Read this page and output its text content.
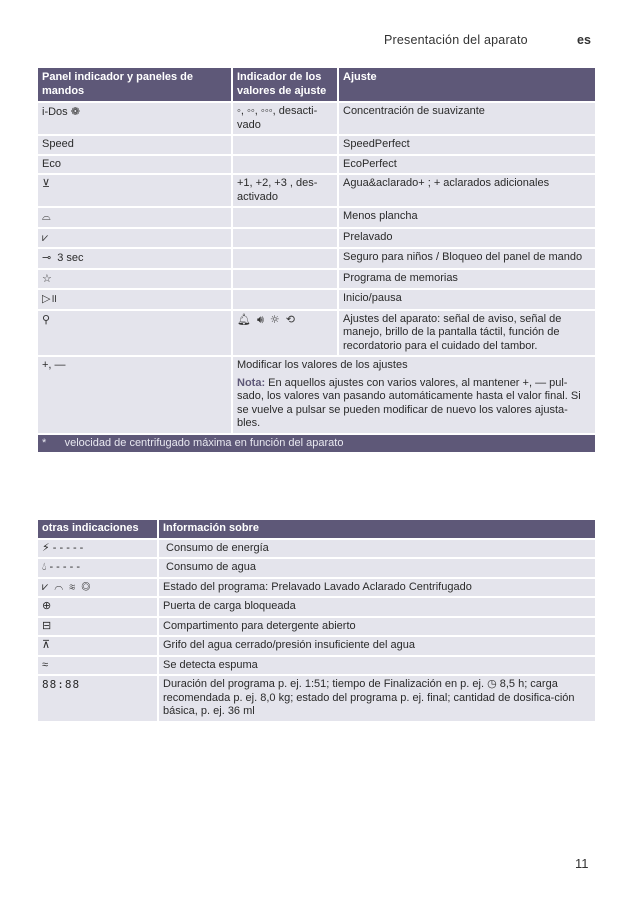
Presentación del aparato	es
Panel indicador y paneles de mandos	Indicador de los valores de ajuste	Ajuste
i-Dos ❁	◦, ◦◦, ◦◦◦, desacti-vado	Concentración de suavizante
Speed		SpeedPerfect
Eco		EcoPerfect
⊻	+1, +2, +3 , des-activado	Agua&aclarado+ ; + aclarados adicionales
⌓		Menos plancha
⩗		Prelavado
⊸ 3 sec		Seguro para niños / Bloqueo del panel de mando
☆		Programa de memorias
▷॥		Inicio/pausa
⚲	🔔︎ 🔊︎ ☼ ⟲	Ajustes del aparato: señal de aviso, señal de manejo, brillo de la pantalla táctil, función de recordatorio para el cuidado del tambor.
+, —	Modificar los valores de los ajustes

Nota: En aquellos ajustes con varios valores, al mantener +, — pul-sado, los valores van pasando automáticamente hasta el valor final. Si se vuelve a pulsar se pueden modificar de nuevo los valores ajusta-bles.	

*      velocidad de centrifugado máxima en función del aparato		
otras indicaciones	Información sobre
⚡︎ - - - - -	Consumo de energía
💧︎ - - - - -	Consumo de agua
⩗  ⌒  ≋  ◎	Estado del programa: Prelavado Lavado Aclarado Centrifugado
⊕	Puerta de carga bloqueada
⊟	Compartimento para detergente abierto
⊼	Grifo del agua cerrado/presión insuficiente del agua
≈	Se detecta espuma
88:88	Duración del programa p. ej. 1:51; tiempo de Finalización en p. ej. ◷ 8,5 h; carga recomendada p. ej. 8,0 kg; estado del programa p. ej. final; cantidad de dosifica-ción básica, p. ej. 36 ml
11
